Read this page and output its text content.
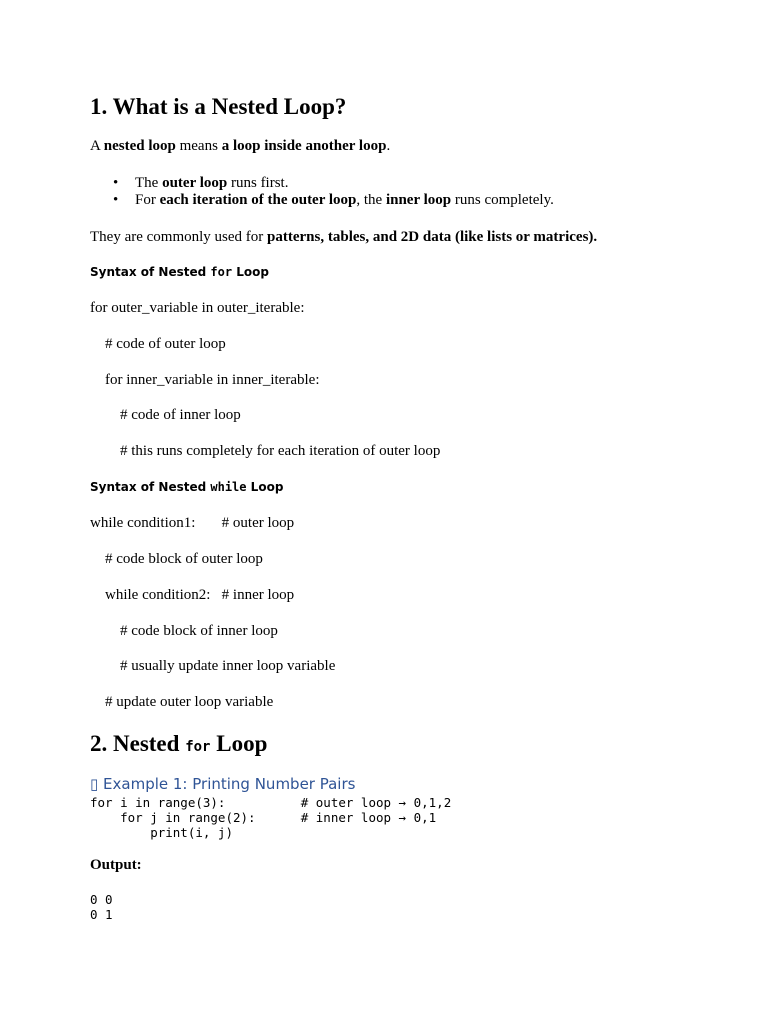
1. What is a Nested Loop?
A nested loop means a loop inside another loop.
• The outer loop runs first.
• For each iteration of the outer loop, the inner loop runs completely.
They are commonly used for patterns, tables, and 2D data (like lists or matrices).
Syntax of Nested for Loop
for outer_variable in outer_iterable:
# code of outer loop
for inner_variable in inner_iterable:
# code of inner loop
# this runs completely for each iteration of outer loop
Syntax of Nested while Loop
while condition1:       # outer loop
# code block of outer loop
while condition2:   # inner loop
# code block of inner loop
# usually update inner loop variable
# update outer loop variable
2. Nested for Loop
▯ Example 1: Printing Number Pairs
for i in range(3):          # outer loop → 0,1,2
for j in range(2):      # inner loop → 0,1
print(i, j)
Output:
0 0
0 1
